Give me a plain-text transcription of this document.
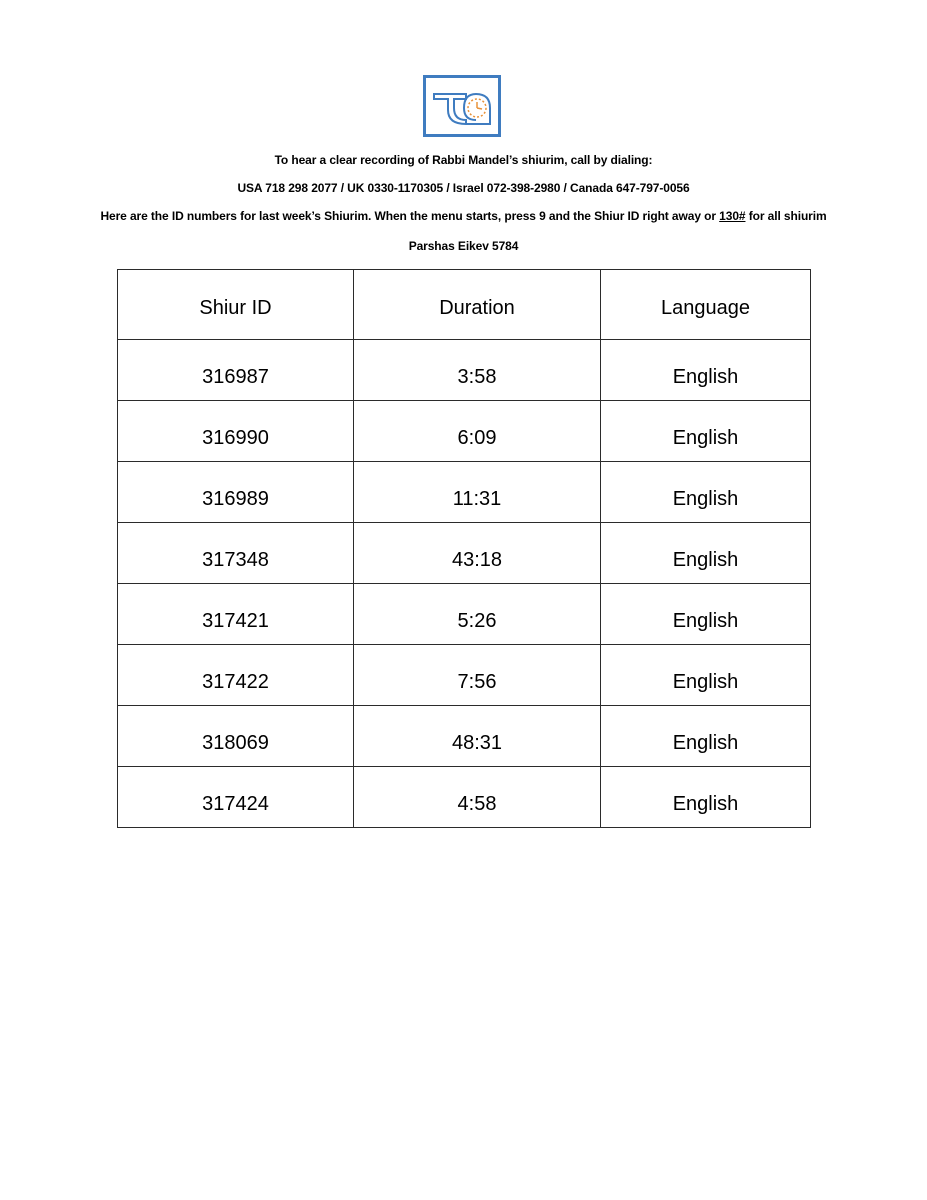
To hear a clear recording of Rabbi Mandel’s shiurim, call by dialing:
USA 718 298 2077 / UK 0330-1170305 / Israel 072-398-2980 / Canada 647-797-0056
Here are the ID numbers for last week’s Shiurim. When the menu starts, press 9 and the Shiur ID right away or 130# for all shiurim
Parshas Eikev 5784
Shiur ID	Duration	Language
316987	3:58	English
316990	6:09	English
316989	11:31	English
317348	43:18	English
317421	5:26	English
317422	7:56	English
318069	48:31	English
317424	4:58	English
